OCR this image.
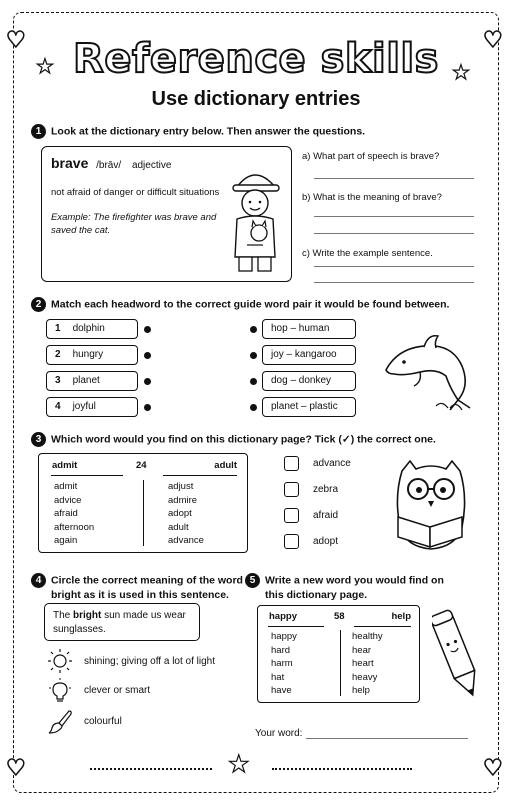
♥	♥
♥	♥
★	★
★
Reference skills
Use dictionary entries
1 Look at the dictionary entry below. Then answer the questions.
brave /brāv/ adjective
not afraid of danger or difficult situations
Example: The firefighter was brave and saved the cat.
a) What part of speech is brave?
b) What is the meaning of brave?
c) Write the example sentence.
2 Match each headword to the correct guide word pair it would be found between.
1 dolphin
2 hungry
3 planet
4 joyful
hop – human
joy – kangaroo
dog – donkey
planet – plastic
3 Which word would you find on this dictionary page? Tick (✓) the correct one.
admit	24	adult
admit
advice
afraid
afternoon
again
adjust
admire
adopt
adult
advance
advance
zebra
afraid
adopt
4 Circle the correct meaning of the word
bright as it is used in this sentence.
The bright sun made us wear sunglasses.
shining; giving off a lot of light
clever or smart
colourful
5 Write a new word you would find on
this dictionary page.
happy	58	help
happy
hard
harm
hat
have
healthy
hear
heart
heavy
help
Your word:
